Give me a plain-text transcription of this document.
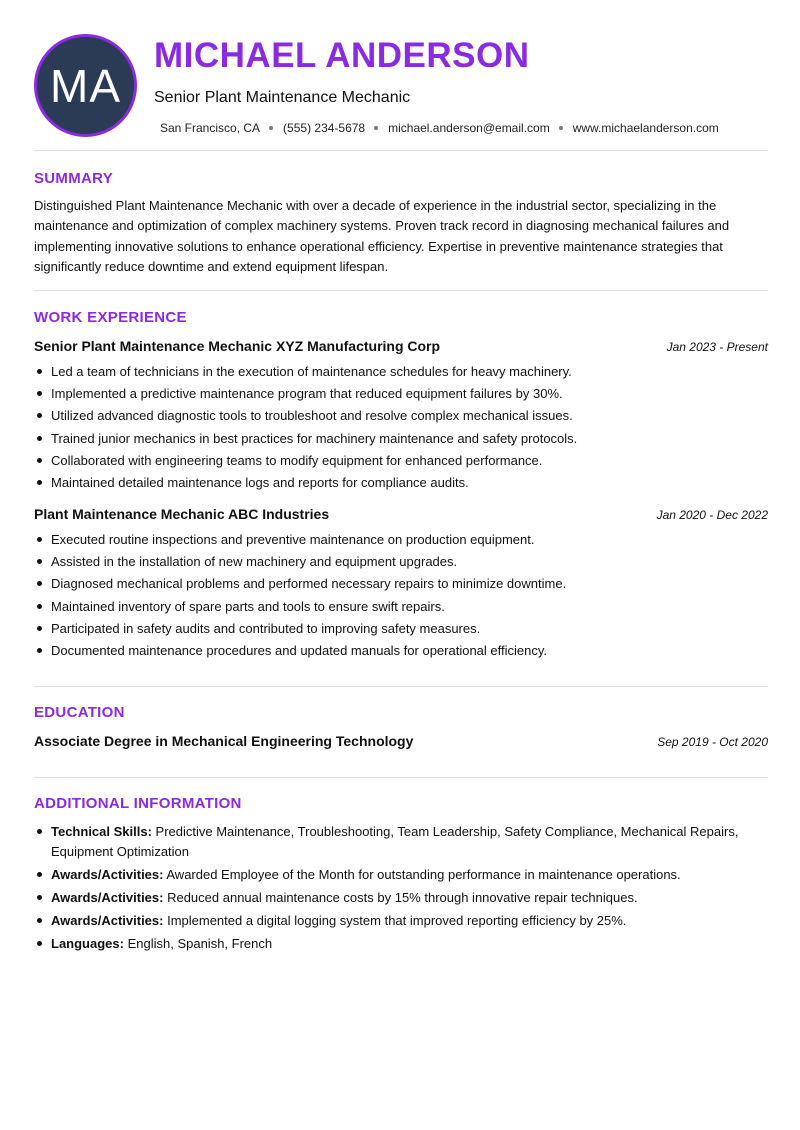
MA
MICHAEL ANDERSON
Senior Plant Maintenance Mechanic
San Francisco, CA (555) 234-5678 michael.anderson@email.com www.michaelanderson.com
SUMMARY
Distinguished Plant Maintenance Mechanic with over a decade of experience in the industrial sector, specializing in the maintenance and optimization of complex machinery systems. Proven track record in diagnosing mechanical failures and implementing innovative solutions to enhance operational efficiency. Expertise in preventive maintenance strategies that significantly reduce downtime and extend equipment lifespan.
WORK EXPERIENCE
Senior Plant Maintenance Mechanic XYZ Manufacturing Corp	Jan 2023 - Present
Led a team of technicians in the execution of maintenance schedules for heavy machinery.
Implemented a predictive maintenance program that reduced equipment failures by 30%.
Utilized advanced diagnostic tools to troubleshoot and resolve complex mechanical issues.
Trained junior mechanics in best practices for machinery maintenance and safety protocols.
Collaborated with engineering teams to modify equipment for enhanced performance.
Maintained detailed maintenance logs and reports for compliance audits.
Plant Maintenance Mechanic ABC Industries	Jan 2020 - Dec 2022
Executed routine inspections and preventive maintenance on production equipment.
Assisted in the installation of new machinery and equipment upgrades.
Diagnosed mechanical problems and performed necessary repairs to minimize downtime.
Maintained inventory of spare parts and tools to ensure swift repairs.
Participated in safety audits and contributed to improving safety measures.
Documented maintenance procedures and updated manuals for operational efficiency.
EDUCATION
Associate Degree in Mechanical Engineering Technology	Sep 2019 - Oct 2020
ADDITIONAL INFORMATION
Technical Skills: Predictive Maintenance, Troubleshooting, Team Leadership, Safety Compliance, Mechanical Repairs, Equipment Optimization
Awards/Activities: Awarded Employee of the Month for outstanding performance in maintenance operations.
Awards/Activities: Reduced annual maintenance costs by 15% through innovative repair techniques.
Awards/Activities: Implemented a digital logging system that improved reporting efficiency by 25%.
Languages: English, Spanish, French
